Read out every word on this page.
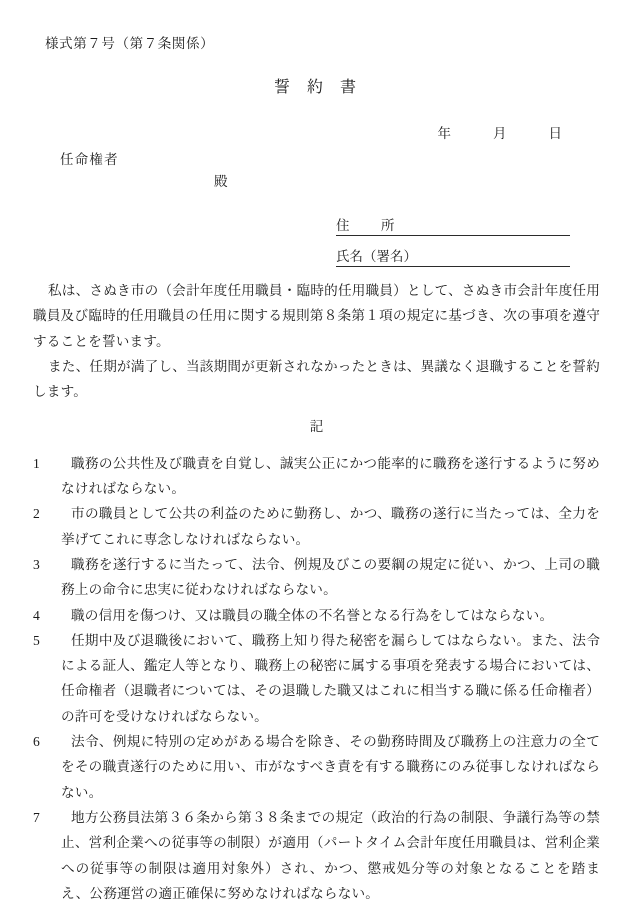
様式第７号（第７条関係）
誓約書
年	月	日
任命権者
殿
住　所
氏名（署名）

私は、さぬき市の（会計年度任用職員・臨時的任用職員）として、さぬき市会計年度任用職員及び臨時的任用職員の任用に関する規則第８条第１項の規定に基づき、次の事項を遵守することを誓います。

また、任期が満了し、当該期間が更新されなかったときは、異議なく退職することを誓約します。

記
1	職務の公共性及び職責を自覚し、誠実公正にかつ能率的に職務を遂行するように努めなければならない。
2	市の職員として公共の利益のために勤務し、かつ、職務の遂行に当たっては、全力を挙げてこれに専念しなければならない。
3	職務を遂行するに当たって、法令、例規及びこの要綱の規定に従い、かつ、上司の職務上の命令に忠実に従わなければならない。
4	職の信用を傷つけ、又は職員の職全体の不名誉となる行為をしてはならない。
5	任期中及び退職後において、職務上知り得た秘密を漏らしてはならない。また、法令による証人、鑑定人等となり、職務上の秘密に属する事項を発表する場合においては、任命権者（退職者については、その退職した職又はこれに相当する職に係る任命権者）の許可を受けなければならない。
6	法令、例規に特別の定めがある場合を除き、その勤務時間及び職務上の注意力の全てをその職責遂行のために用い、市がなすべき責を有する職務にのみ従事しなければならない。
7	地方公務員法第３６条から第３８条までの規定（政治的行為の制限、争議行為等の禁止、営利企業への従事等の制限）が適用（パートタイム会計年度任用職員は、営利企業への従事等の制限は適用対象外）され、かつ、懲戒処分等の対象となることを踏まえ、公務運営の適正確保に努めなければならない。
